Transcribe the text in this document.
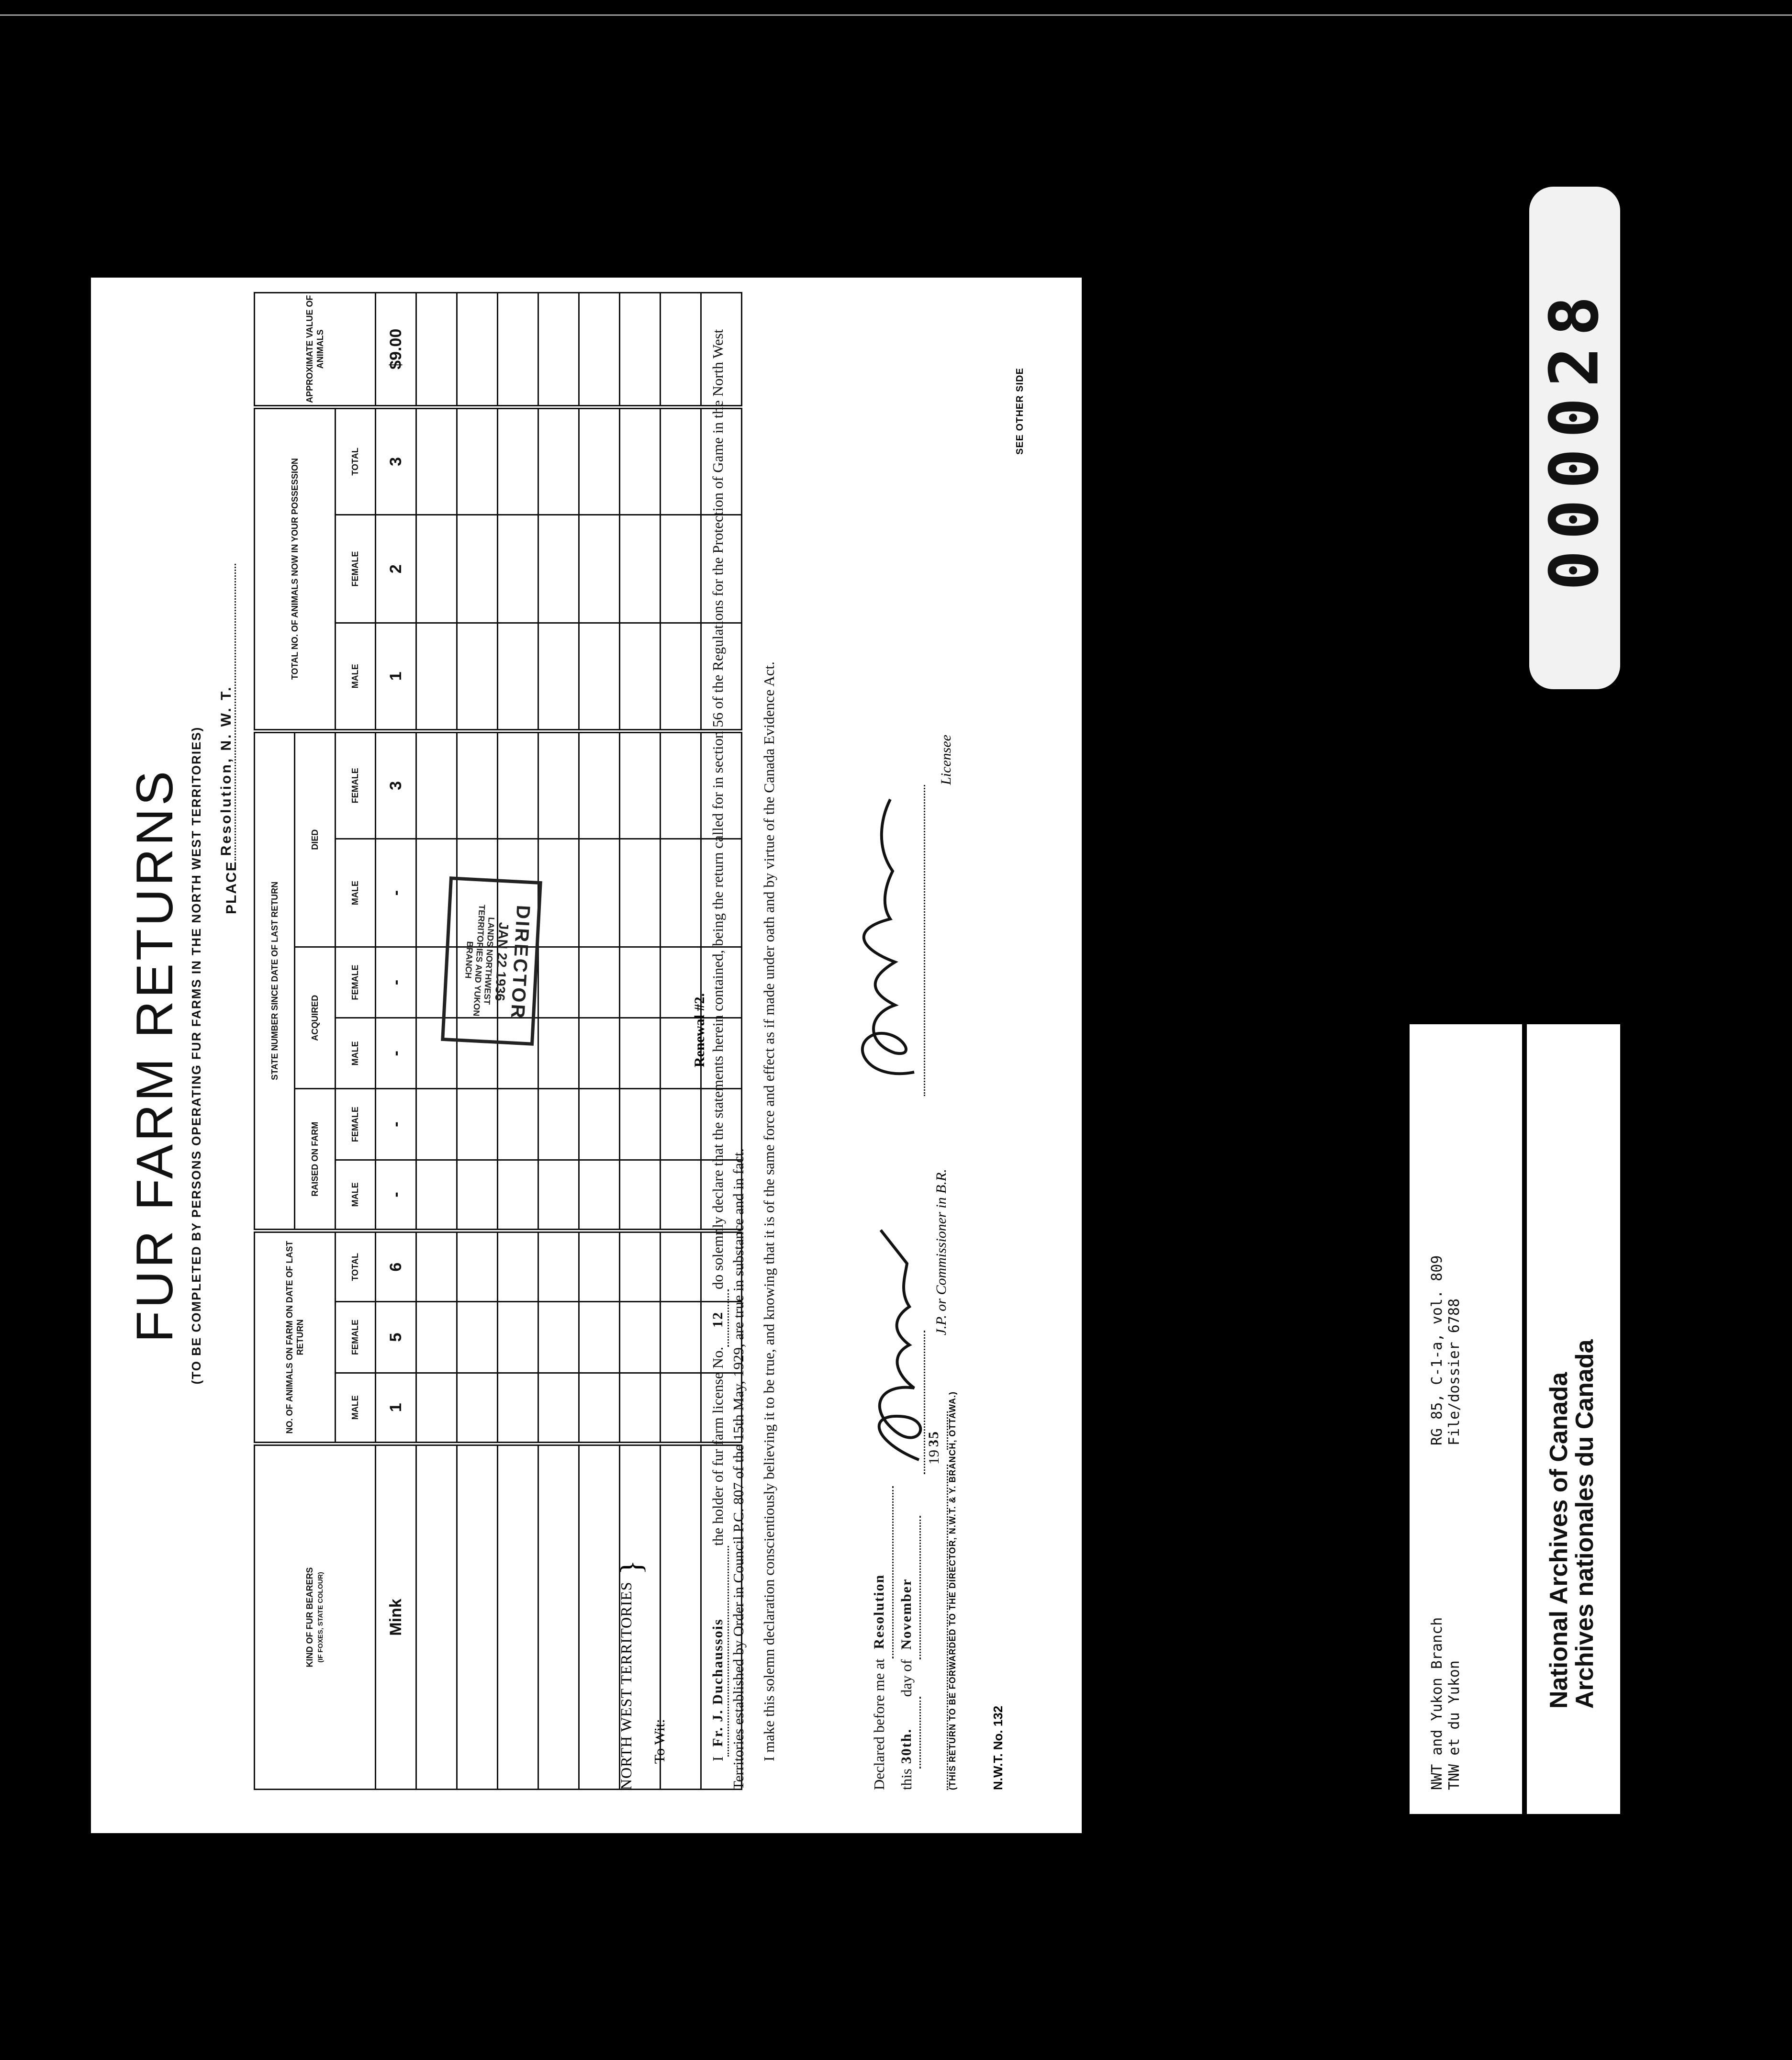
FUR FARM RETURNS (TO BE COMPLETED BY PERSONS OPERATING FUR FARMS IN THE NORTH WEST TERRITORIES) PLACE
Resolution, N. W. T.
KIND OF FUR BEARERS (IF FOXES, STATE COLOUR)	NO. OF ANIMALS ON FARM ON DATE OF LAST RETURN			STATE NUMBER SINCE DATE OF LAST RETURN						TOTAL NO. OF ANIMALS NOW IN YOUR POSSESSION			APPROXIMATE VALUE OF ANIMALS
				RAISED ON FARM		ACQUIRED		DIED					
	MALE	FEMALE	TOTAL	MALE	FEMALE	MALE	FEMALE	MALE	FEMALE	MALE	FEMALE	TOTAL	
Mink	1	5	6	-	-	-	-	-	3	1	2	3	$9.00

DIRECTOR
JAN 22 1936
LANDS NORTHWEST TERRITORIES AND YUKON BRANCH
NORTH WEST TERRITORIES
}
To Wit:
Renewal #2.
I
Fr. J. Duchaussois
the holder of fur farm license No.
12
do solemnly declare that the statements herein contained, being the return called for in section 56 of the Regulations for the Protection of Game in the North West Territories established by Order in Council P.C. 807 of the 15th May, 1929, are true in substance and in fact. I make this solemn declaration conscientiously believing it to be true, and knowing that it is of the same force and effect as if made under oath and by virtue of the Canada Evidence Act.	Declared before me at
Resolution

this
30th.
day of
November

19
35

J.P. or Commissioner in B.R.
Licensee
(THIS RETURN TO BE FORWARDED TO THE DIRECTOR, N.W.T. & Y. BRANCH, OTTAWA.)	N.W.T. No. 132
SEE OTHER SIDE	000028
NWT and Yukon Branch TNW et du Yukon
RG 85, C-1-a, vol. 809 File/dossier 6788
National Archives of Canada
Archives nationales du Canada
